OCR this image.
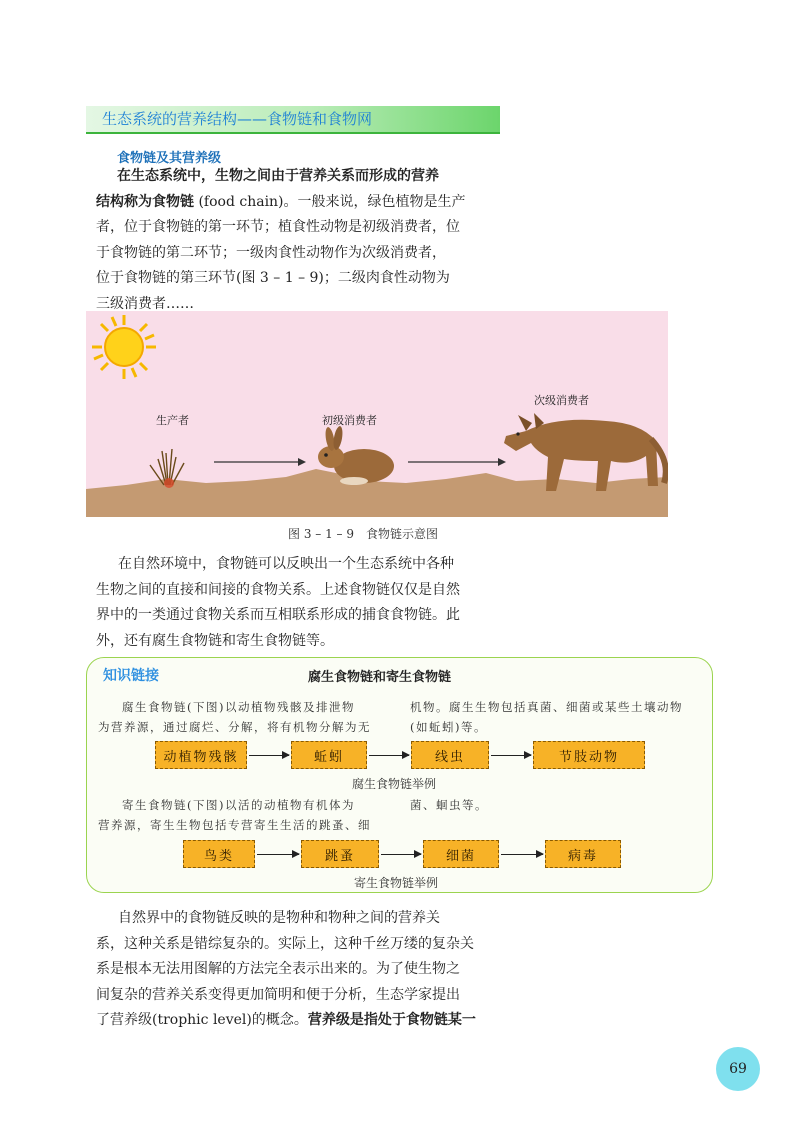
生态系统的营养结构——食物链和食物网
食物链及其营养级

在生态系统中，生物之间由于营养关系而形成的营养

结构称为食物链 (food chain)。一般来说，绿色植物是生产

者，位于食物链的第一环节；植食性动物是初级消费者，位

于食物链的第二环节；一级肉食性动物作为次级消费者，

位于食物链的第三环节(图 3 – 1 – 9)；二级肉食性动物为

三级消费者……

生产者	初级消费者
次级消费者
图 3 – 1 – 9　食物链示意图

在自然环境中，食物链可以反映出一个生态系统中各种

生物之间的直接和间接的食物关系。上述食物链仅仅是自然

界中的一类通过食物关系而互相联系形成的捕食食物链。此

外，还有腐生食物链和寄生食物链等。

知识链接	腐生食物链和寄生食物链

腐生食物链(下图)以动植物残骸及排泄物

为营养源，通过腐烂、分解，将有机物分解为无

机物。腐生生物包括真菌、细菌或某些土壤动物

(如蚯蚓)等。

动植物残骸	蚯蚓	线虫	节肢动物
腐生食物链举例

寄生食物链(下图)以活的动植物有机体为

营养源，寄生生物包括专营寄生生活的跳蚤、细

菌、蛔虫等。

鸟类	跳蚤	细菌	病毒
寄生食物链举例

自然界中的食物链反映的是物种和物种之间的营养关

系，这种关系是错综复杂的。实际上，这种千丝万缕的复杂关

系是根本无法用图解的方法完全表示出来的。为了使生物之

间复杂的营养关系变得更加简明和便于分析，生态学家提出

了营养级(trophic level)的概念。营养级是指处于食物链某一

69
